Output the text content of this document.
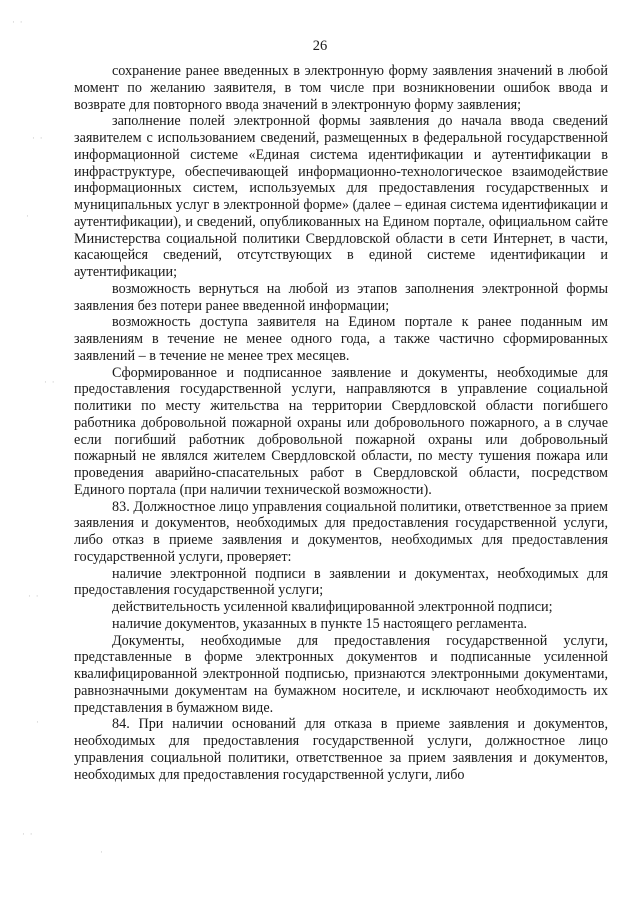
26

сохранение ранее введенных в электронную форму заявления значений в любой момент по желанию заявителя, в том числе при возникновении ошибок ввода и возврате для повторного ввода значений в электронную форму заявления;

заполнение полей электронной формы заявления до начала ввода сведений заявителем с использованием сведений, размещенных в федеральной государственной информационной системе «Единая система идентификации и аутентификации в инфраструктуре, обеспечивающей информационно-технологическое взаимодействие информационных систем, используемых для предоставления государственных и муниципальных услуг в электронной форме» (далее – единая система идентификации и аутентификации), и сведений, опубликованных на Едином портале, официальном сайте Министерства социальной политики Свердловской области в сети Интернет, в части, касающейся сведений, отсутствующих в единой системе идентификации и аутентификации;

возможность вернуться на любой из этапов заполнения электронной формы заявления без потери ранее введенной информации;

возможность доступа заявителя на Едином портале к ранее поданным им заявлениям в течение не менее одного года, а также частично сформированных заявлений – в течение не менее трех месяцев.

Сформированное и подписанное заявление и документы, необходимые для предоставления государственной услуги, направляются в управление социальной политики по месту жительства на территории Свердловской области погибшего работника добровольной пожарной охраны или добровольного пожарного, а в случае если погибший работник добровольной пожарной охраны или добровольный пожарный не являлся жителем Свердловской области, по месту тушения пожара или проведения аварийно-спасательных работ в Свердловской области, посредством Единого портала (при наличии технической возможности).

83. Должностное лицо управления социальной политики, ответственное за прием заявления и документов, необходимых для предоставления государственной услуги, либо отказ в приеме заявления и документов, необходимых для предоставления государственной услуги, проверяет:

наличие электронной подписи в заявлении и документах, необходимых для предоставления государственной услуги;

действительность усиленной квалифицированной электронной подписи;

наличие документов, указанных в пункте 15 настоящего регламента.

Документы, необходимые для предоставления государственной услуги, представленные в форме электронных документов и подписанные усиленной квалифицированной электронной подписью, признаются электронными документами, равнозначными документам на бумажном носителе, и исключают необходимость их представления в бумажном виде.

84. При наличии оснований для отказа в приеме заявления и документов, необходимых для предоставления государственной услуги, должностное лицо управления социальной политики, ответственное за прием заявления и документов, необходимых для предоставления государственной услуги, либо

· ·
· ·
·
· ·
· ·
·
· ·
·
